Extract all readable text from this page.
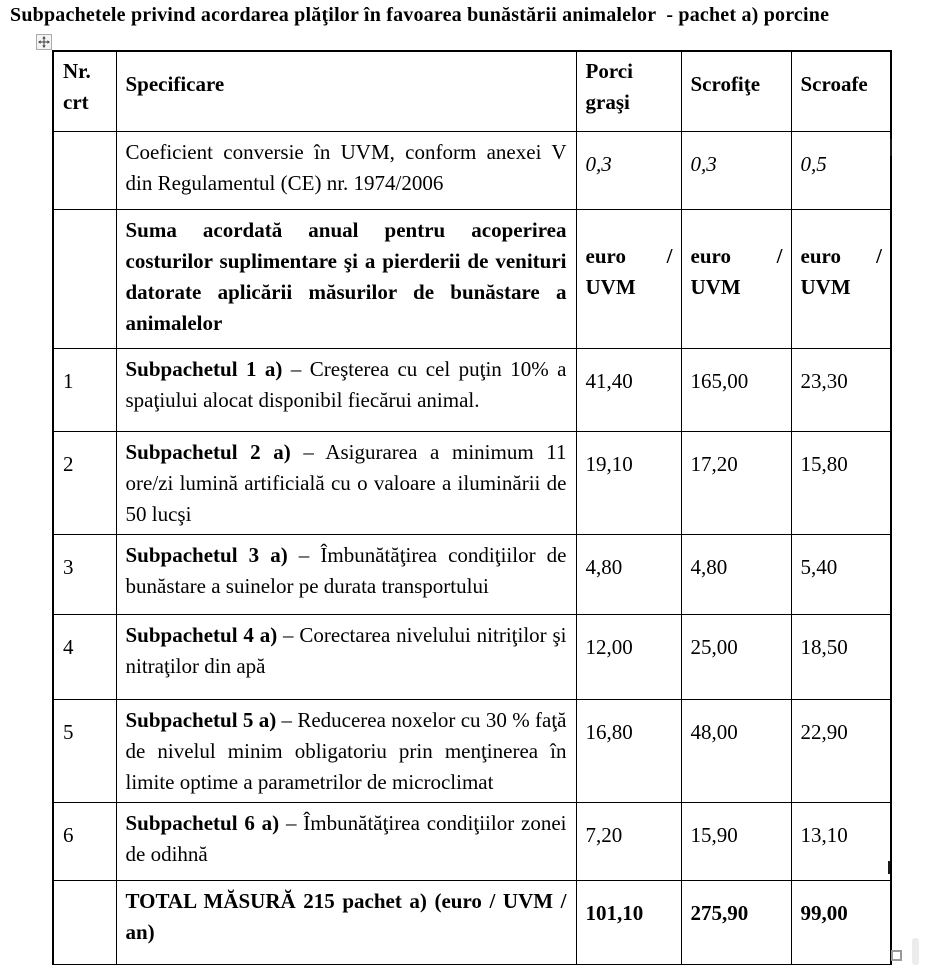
Subpachetele privind acordarea plăţilor în favoarea bunăstării animalelor  - pachet a) porcine
Nr. crt	Specificare	Porci graşi	Scrofiţe	Scroafe
	Coeficient conversie în UVM, conform anexei V din Regulamentul (CE) nr. 1974/2006	0,3	0,3	0,5
	Suma acordată anual pentru acoperirea costurilor suplimentare şi a pierderii de venituri datorate aplicării măsurilor de bunăstare a animalelor	euro / UVM	euro / UVM	euro / UVM
1	Subpachetul 1 a) – Creşterea cu cel puţin 10% a spaţiului alocat disponibil fiecărui animal.	41,40	165,00	23,30
2	Subpachetul 2 a) – Asigurarea a minimum 11 ore/zi lumină artificială cu o valoare a iluminării de 50 lucşi	19,10	17,20	15,80
3	Subpachetul 3 a) – Îmbunătăţirea condiţiilor de bunăstare a suinelor pe durata transportului	4,80	4,80	5,40
4	Subpachetul 4 a) – Corectarea nivelului nitriţilor şi nitraţilor din apă	12,00	25,00	18,50
5	Subpachetul 5 a) – Reducerea noxelor cu 30 % faţă de nivelul minim obligatoriu prin menţinerea în limite optime a parametrilor de microclimat	16,80	48,00	22,90
6	Subpachetul 6 a) – Îmbunătăţirea condiţiilor zonei de odihnă	7,20	15,90	13,10
	TOTAL MĂSURĂ 215 pachet a) (euro / UVM / an)	101,10	275,90	99,00
